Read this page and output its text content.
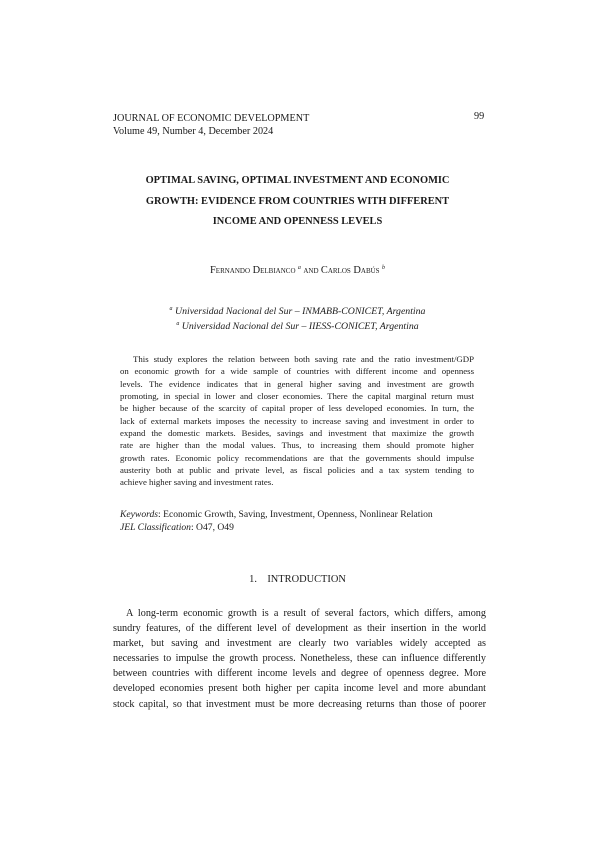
JOURNAL OF ECONOMIC DEVELOPMENT
Volume 49, Number 4, December 2024
99
OPTIMAL SAVING, OPTIMAL INVESTMENT AND ECONOMIC
GROWTH: EVIDENCE FROM COUNTRIES WITH DIFFERENT
INCOME AND OPENNESS LEVELS
Fernando Delbianco $^a$ and Carlos Dabús $^b$
$^a$ Universidad Nacional del Sur – INMABB-CONICET, Argentina
$^a$ Universidad Nacional del Sur – IIESS-CONICET, Argentina
This study explores the relation between both saving rate and the ratio investment/GDP
on economic growth for a wide sample of countries with different income and openness
levels. The evidence indicates that in general higher saving and investment are growth
promoting, in special in lower and closer economies. There the capital marginal return must
be higher because of the scarcity of capital proper of less developed economies. In turn, the
lack of external markets imposes the necessity to increase saving and investment in order to
expand the domestic markets. Besides, savings and investment that maximize the growth
rate are higher than the modal values. Thus, to increasing them should promote higher
growth rates. Economic policy recommendations are that the governments should impulse
austerity both at public and private level, as fiscal policies and a tax system tending to
achieve higher saving and investment rates.
Keywords: Economic Growth, Saving, Investment, Openness, Nonlinear Relation
JEL Classification: O47, O49
1. INTRODUCTION
A long-term economic growth is a result of several factors, which differs, among
sundry features, of the different level of development as their insertion in the world
market, but saving and investment are clearly two variables widely accepted as
necessaries to impulse the growth process. Nonetheless, these can influence differently
between countries with different income levels and degree of openness degree. More
developed economies present both higher per capita income level and more abundant
stock capital, so that investment must be more decreasing returns than those of poorer
